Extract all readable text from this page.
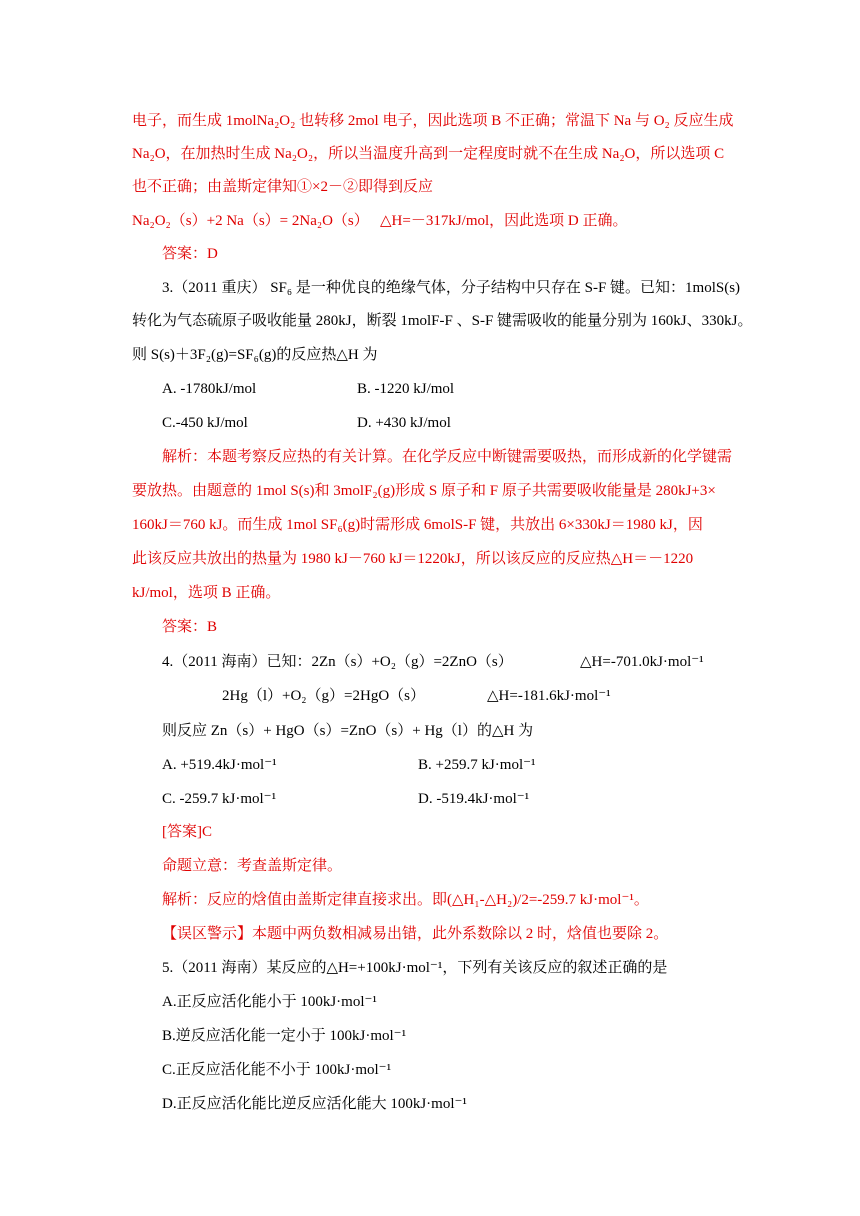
电子，而生成 1molNa₂O₂ 也转移 2mol 电子，因此选项 B 不正确；常温下 Na 与 O₂ 反应生成
Na₂O，在加热时生成 Na₂O₂，所以当温度升高到一定程度时就不在生成 Na₂O，所以选项 C
也不正确；由盖斯定律知①×2－②即得到反应
Na₂O₂（s）+2 Na（s）= 2Na₂O（s）　 △H=－317kJ/mol，因此选项 D 正确。
答案：D
3.（2011 重庆） SF₆ 是一种优良的绝缘气体，分子结构中只存在 S-F 键。已知：1molS(s)
转化为气态硫原子吸收能量 280kJ，断裂 1molF-F 、S-F 键需吸收的能量分别为 160kJ、330kJ。
则 S(s)＋3F₂(g)=SF₆(g)的反应热△H 为
A. -1780kJ/mol	B. -1220 kJ/mol
C.-450 kJ/mol	D. +430 kJ/mol
解析：本题考察反应热的有关计算。在化学反应中断键需要吸热，而形成新的化学键需
要放热。由题意的 1mol S(s)和 3molF₂(g)形成 S 原子和 F 原子共需要吸收能量是 280kJ+3×
160kJ＝760 kJ。而生成 1mol SF₆(g)时需形成 6molS-F 键，共放出 6×330kJ＝1980 kJ，因
此该反应共放出的热量为 1980 kJ－760 kJ＝1220kJ，所以该反应的反应热△H＝－1220
kJ/mol，选项 B 正确。
答案：B
4.（2011 海南）已知：2Zn（s）+O₂（g）=2ZnO（s）	△H=-701.0kJ·mol⁻¹
2Hg（l）+O₂（g）=2HgO（s）	△H=-181.6kJ·mol⁻¹
则反应 Zn（s）+ HgO（s）=ZnO（s）+ Hg（l）的△H 为
A. +519.4kJ·mol⁻¹	B. +259.7 kJ·mol⁻¹
C. -259.7 kJ·mol⁻¹	D. -519.4kJ·mol⁻¹
[答案]C
命题立意：考查盖斯定律。
解析：反应的焓值由盖斯定律直接求出。即(△H₁-△H₂)/2=-259.7 kJ·mol⁻¹。
【误区警示】本题中两负数相减易出错，此外系数除以 2 时，焓值也要除 2。
5.（2011 海南）某反应的△H=+100kJ·mol⁻¹，下列有关该反应的叙述正确的是
A.正反应活化能小于 100kJ·mol⁻¹
B.逆反应活化能一定小于 100kJ·mol⁻¹
C.正反应活化能不小于 100kJ·mol⁻¹
D.正反应活化能比逆反应活化能大 100kJ·mol⁻¹
